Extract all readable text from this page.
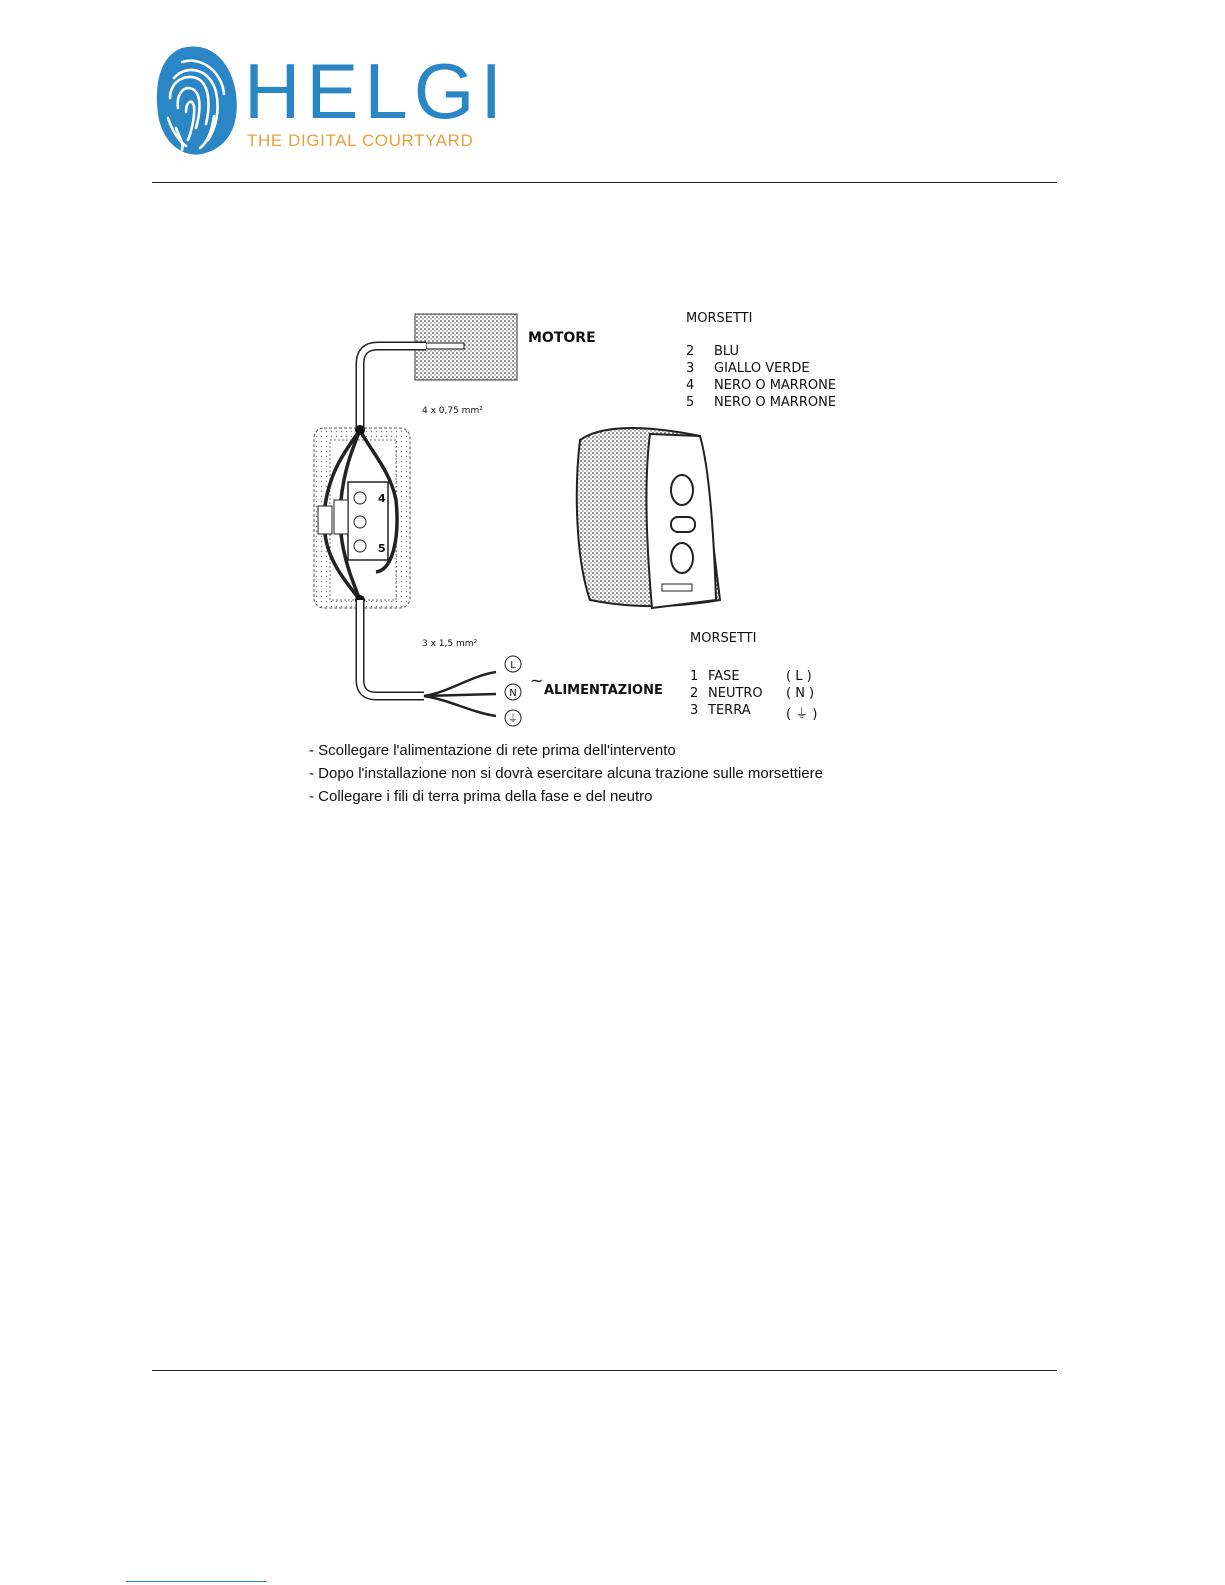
HELGI
THE DIGITAL COURTYARD
MOTORE
4 x 0,75 mm²
4
5
3 x 1,5 mm²
L
N
⏚
~
ALIMENTAZIONE
MORSETTI
2	BLU
3	GIALLO VERDE
4	NERO O MARRONE
5	NERO O MARRONE
MORSETTI
1 FASE	( L )
2 NEUTRO	( N )
3 TERRA	( ⏚ )
- Scollegare l'alimentazione di rete prima dell'intervento
- Dopo l'installazione non si dovrà esercitare alcuna trazione sulle morsettiere
- Collegare i fili di terra prima della fase e del neutro
